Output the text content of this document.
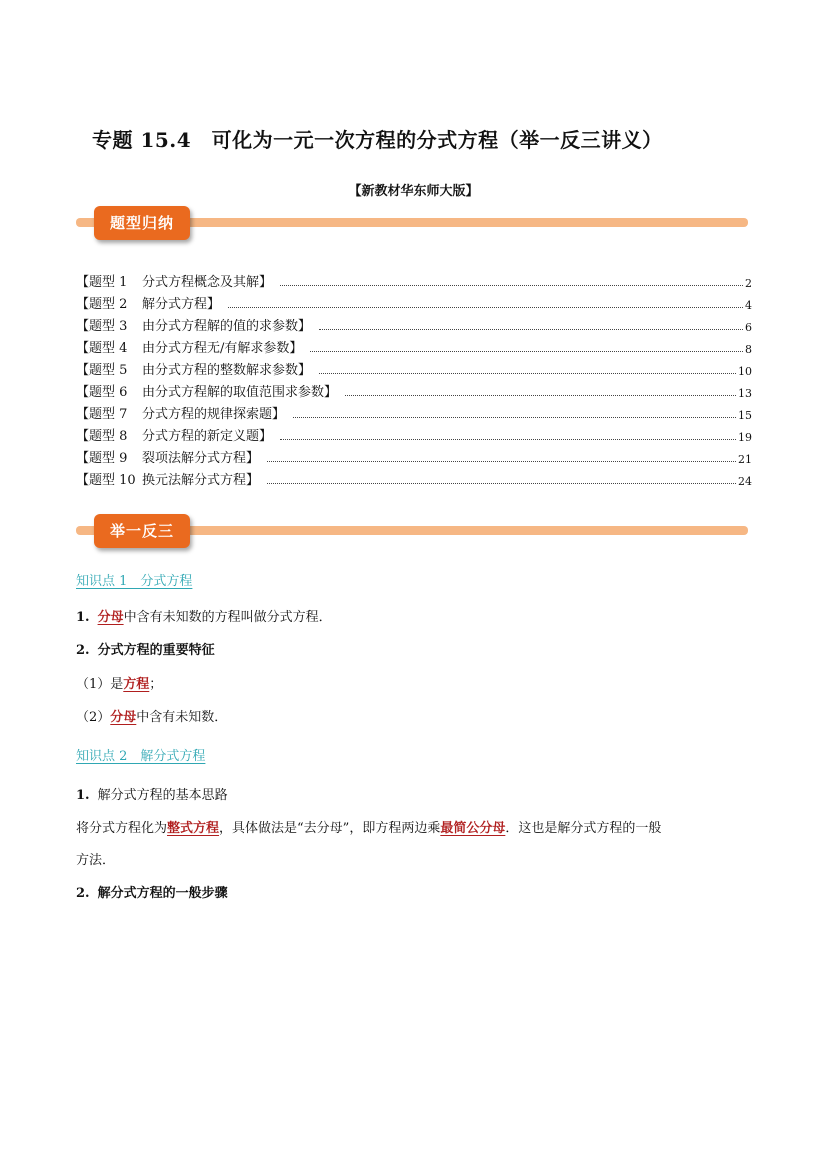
专题 15.4　可化为一元一次方程的分式方程（举一反三讲义）
【新教材华东师大版】
题型归纳
【题型 1	分式方程概念及其解】	2
【题型 2	解分式方程】	4
【题型 3	由分式方程解的值的求参数】	6
【题型 4	由分式方程无/有解求参数】	8
【题型 5	由分式方程的整数解求参数】	10
【题型 6	由分式方程解的取值范围求参数】	13
【题型 7	分式方程的规律探索题】	15
【题型 8	分式方程的新定义题】	19
【题型 9	裂项法解分式方程】	21
【题型 10 换元法解分式方程】	24
举一反三
知识点 1　分式方程
1. 分母中含有未知数的方程叫做分式方程．
2. 分式方程的重要特征
（1）是方程；
（2）分母中含有未知数．
知识点 2　解分式方程
1. 解分式方程的基本思路
将分式方程化为整式方程，具体做法是“去分母”，即方程两边乘最简公分母．这也是解分式方程的一般
方法．
2. 解分式方程的一般步骤
